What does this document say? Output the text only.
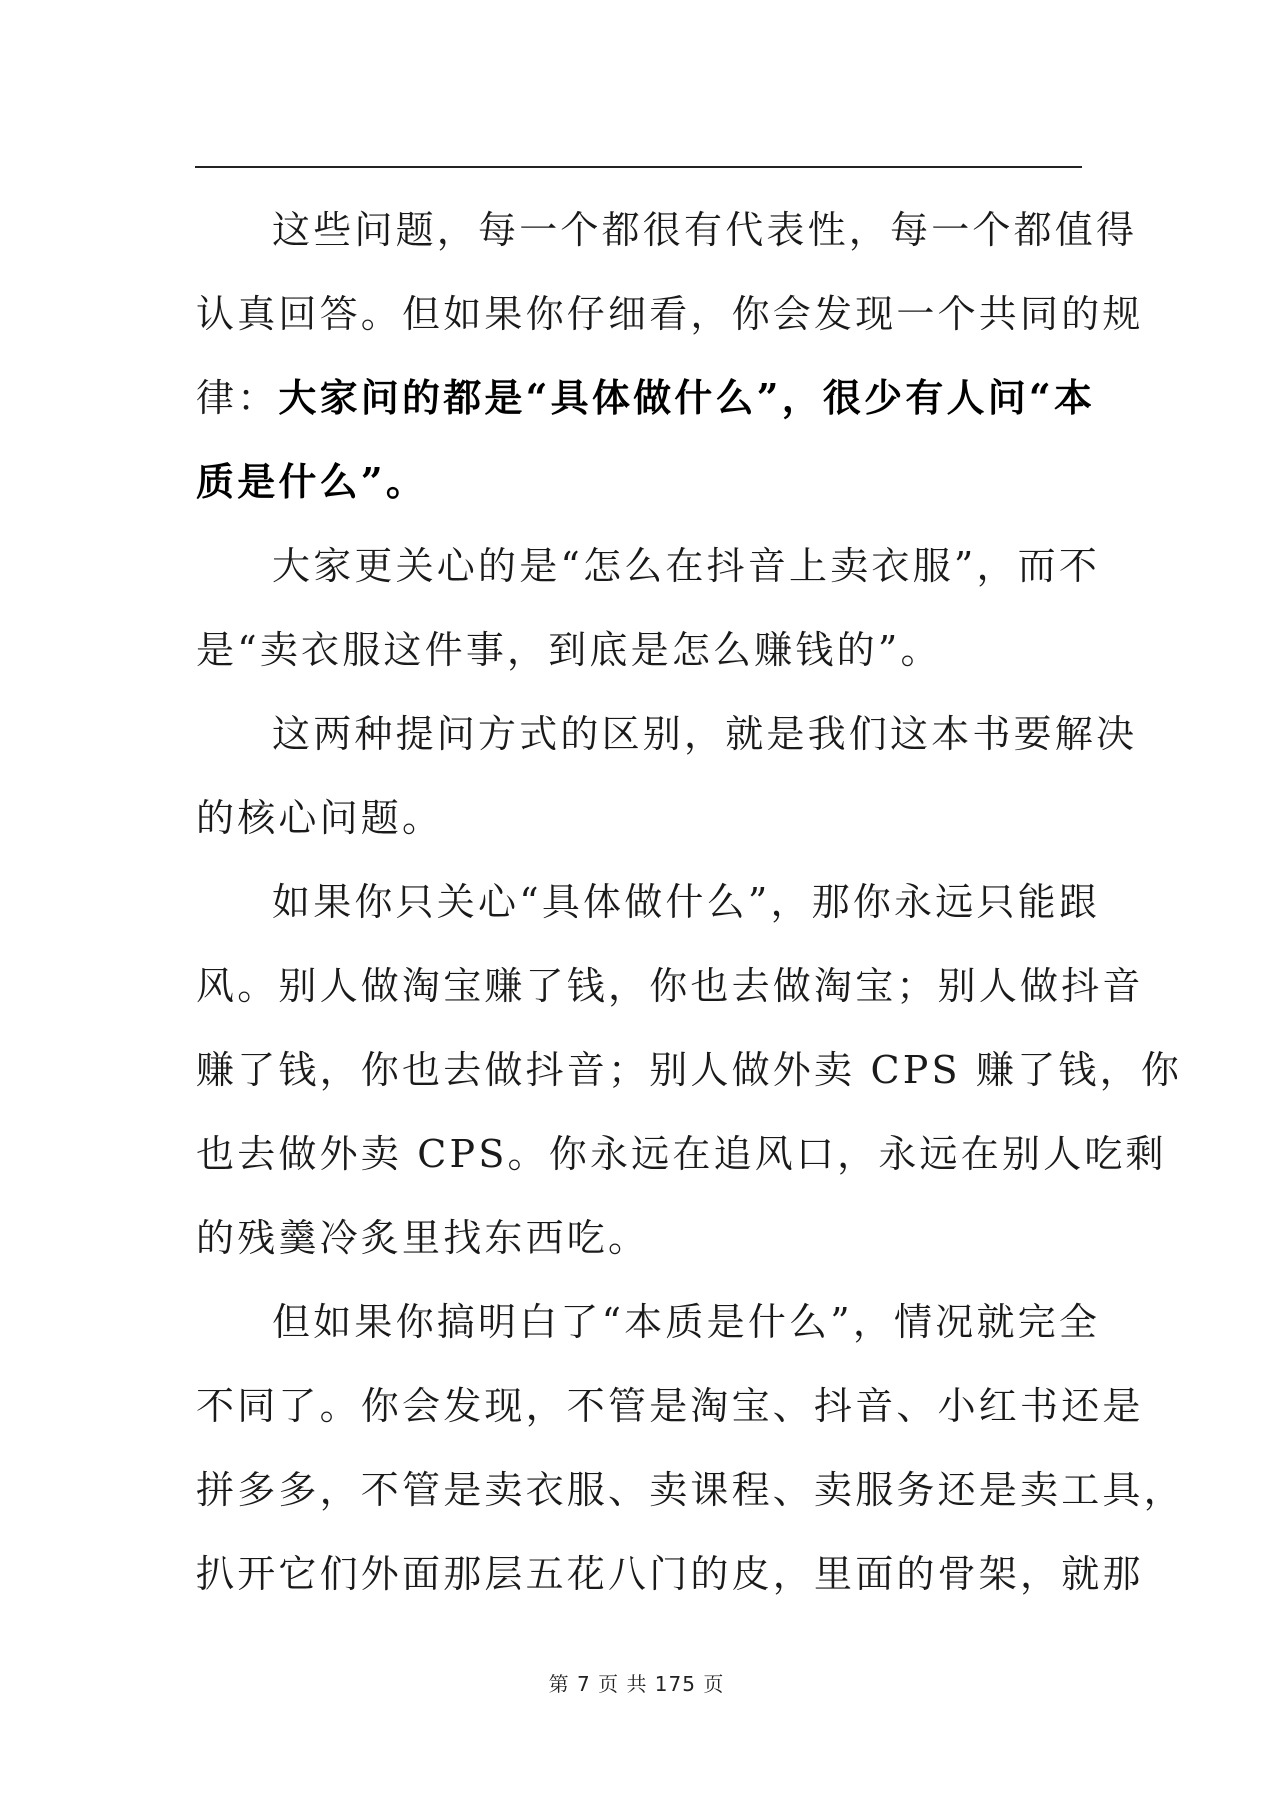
这些问题，每一个都很有代表性，每一个都值得
认真回答。但如果你仔细看，你会发现一个共同的规
律：大家问的都是“具体做什么”，很少有人问“本
质是什么”。
大家更关心的是“怎么在抖音上卖衣服”，而不
是“卖衣服这件事，到底是怎么赚钱的”。
这两种提问方式的区别，就是我们这本书要解决
的核心问题。
如果你只关心“具体做什么”，那你永远只能跟
风。别人做淘宝赚了钱，你也去做淘宝；别人做抖音
赚了钱，你也去做抖音；别人做外卖 CPS 赚了钱，你
也去做外卖 CPS。你永远在追风口，永远在别人吃剩
的残羹冷炙里找东西吃。
但如果你搞明白了“本质是什么”，情况就完全
不同了。你会发现，不管是淘宝、抖音、小红书还是
拼多多，不管是卖衣服、卖课程、卖服务还是卖工具，
扒开它们外面那层五花八门的皮，里面的骨架，就那
第 7 页 共 175 页
